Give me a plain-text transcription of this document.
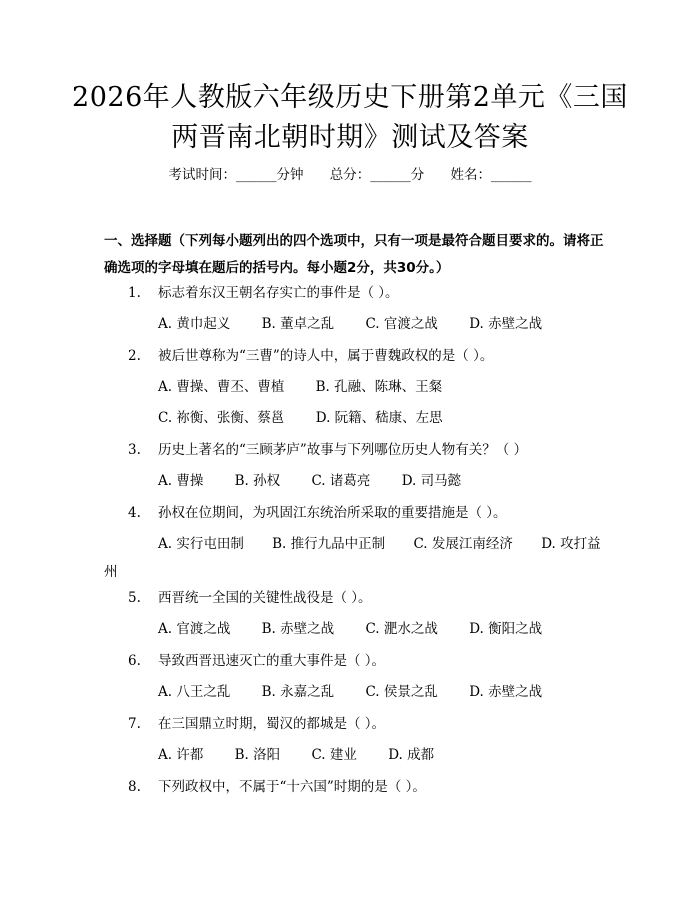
2026年人教版六年级历史下册第2单元《三国两晋南北朝时期》测试及答案
考试时间：______分钟 总分：______分 姓名：______
一、选择题（下列每小题列出的四个选项中，只有一项是最符合题目要求的。请将正确选项的字母填在题后的括号内。每小题2分，共30分。）
1. 标志着东汉王朝名存实亡的事件是（ ）。
A. 黄巾起义 B. 董卓之乱 C. 官渡之战 D. 赤壁之战
2. 被后世尊称为“三曹”的诗人中，属于曹魏政权的是（ ）。
A. 曹操、曹丕、曹植 B. 孔融、陈琳、王粲
C. 祢衡、张衡、蔡邕 D. 阮籍、嵇康、左思
3. 历史上著名的“三顾茅庐”故事与下列哪位历史人物有关？（ ）
A. 曹操 B. 孙权 C. 诸葛亮 D. 司马懿
4. 孙权在位期间，为巩固江东统治所采取的重要措施是（ ）。
A. 实行屯田制 B. 推行九品中正制 C. 发展江南经济 D. 攻打益州
5. 西晋统一全国的关键性战役是（ ）。
A. 官渡之战 B. 赤壁之战 C. 淝水之战 D. 衡阳之战
6. 导致西晋迅速灭亡的重大事件是（ ）。
A. 八王之乱 B. 永嘉之乱 C. 侯景之乱 D. 赤壁之战
7. 在三国鼎立时期，蜀汉的都城是（ ）。
A. 许都 B. 洛阳 C. 建业 D. 成都
8. 下列政权中，不属于“十六国”时期的是（ ）。
